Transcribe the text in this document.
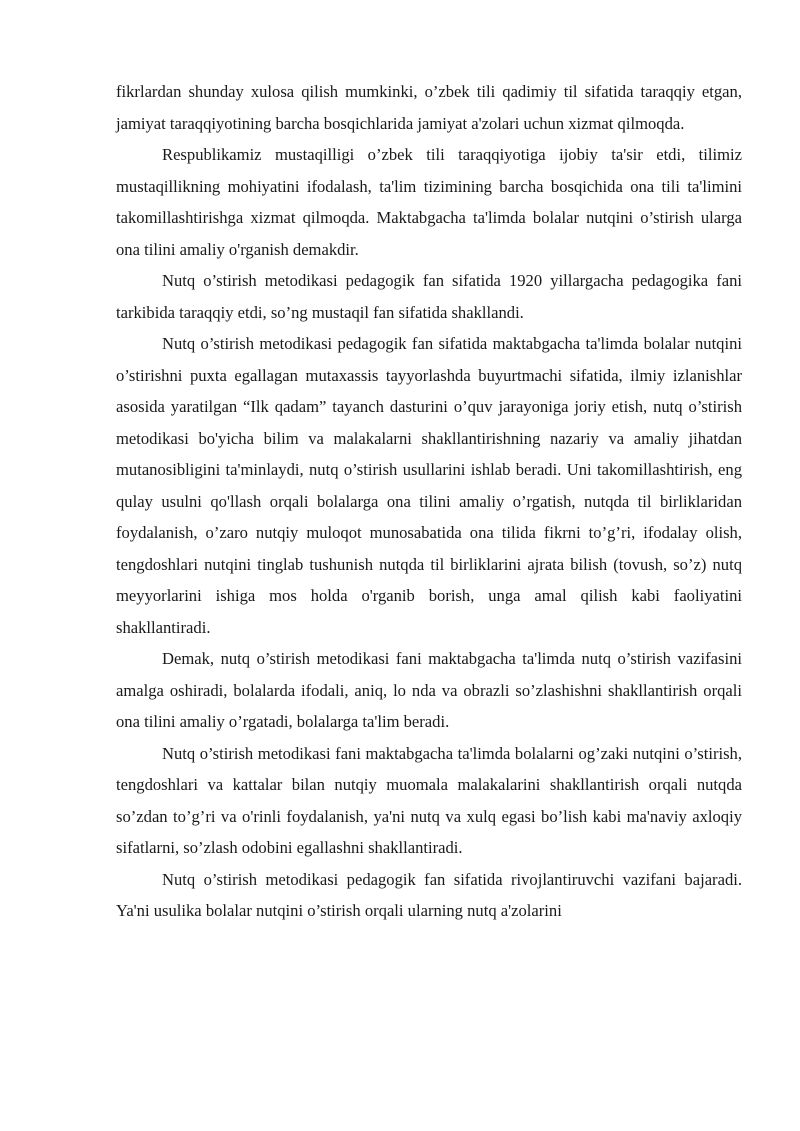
fikrlardan shunday xulosa qilish mumkinki, o’zbek tili qadimiy til sifatida taraqqiy etgan, jamiyat taraqqiyotining barcha bosqichlarida jamiyat a'zolari uchun xizmat qilmoqda.

Respublikamiz mustaqilligi o’zbek tili taraqqiyotiga ijobiy ta'sir etdi, tilimiz mustaqillikning mohiyatini ifodalash, ta'lim tizimining barcha bosqichida ona tili ta'limini takomillashtirishga xizmat qilmoqda. Maktabgacha ta'limda bolalar nutqini o’stirish ularga ona tilini amaliy o'rganish demakdir.

Nutq o’stirish metodikasi pedagogik fan sifatida 1920 yillargacha pedagogika fani tarkibida taraqqiy etdi, so’ng mustaqil fan sifatida shakllandi.

Nutq o’stirish metodikasi pedagogik fan sifatida maktabgacha ta'limda bolalar nutqini o’stirishni puxta egallagan mutaxassis tayyorlashda buyurtmachi sifatida, ilmiy izlanishlar asosida yaratilgan “Ilk qadam” tayanch dasturini o’quv jarayoniga joriy etish, nutq o’stirish metodikasi bo'yicha bilim va malakalarni shakllantirishning nazariy va amaliy jihatdan mutanosibligini ta'minlaydi, nutq o’stirish usullarini ishlab beradi. Uni takomillashtirish, eng qulay usulni qo'llash orqali bolalarga ona tilini amaliy o’rgatish, nutqda til birliklaridan foydalanish, o’zaro nutqiy muloqot munosabatida ona tilida fikrni to’g’ri, ifodalay olish, tengdoshlari nutqini tinglab tushunish nutqda til birliklarini ajrata bilish (tovush, so’z) nutq meyyorlarini ishiga mos holda o'rganib borish, unga amal qilish kabi faoliyatini shakllantiradi.

Demak, nutq o’stirish metodikasi fani maktabgacha ta'limda nutq o’stirish vazifasini amalga oshiradi, bolalarda ifodali, aniq, lo nda va obrazli so’zlashishni shakllantirish orqali ona tilini amaliy o’rgatadi, bolalarga ta'lim beradi.

Nutq o’stirish metodikasi fani maktabgacha ta'limda bolalarni og’zaki nutqini o’stirish, tengdoshlari va kattalar bilan nutqiy muomala malakalarini shakllantirish orqali nutqda so’zdan to’g’ri va o'rinli foydalanish, ya'ni nutq va xulq egasi bo’lish kabi ma'naviy axloqiy sifatlarni, so’zlash odobini egallashni shakllantiradi.

Nutq o’stirish metodikasi pedagogik fan sifatida rivojlantiruvchi vazifani bajaradi. Ya'ni usulika bolalar nutqini o’stirish orqali ularning nutq a'zolarini
